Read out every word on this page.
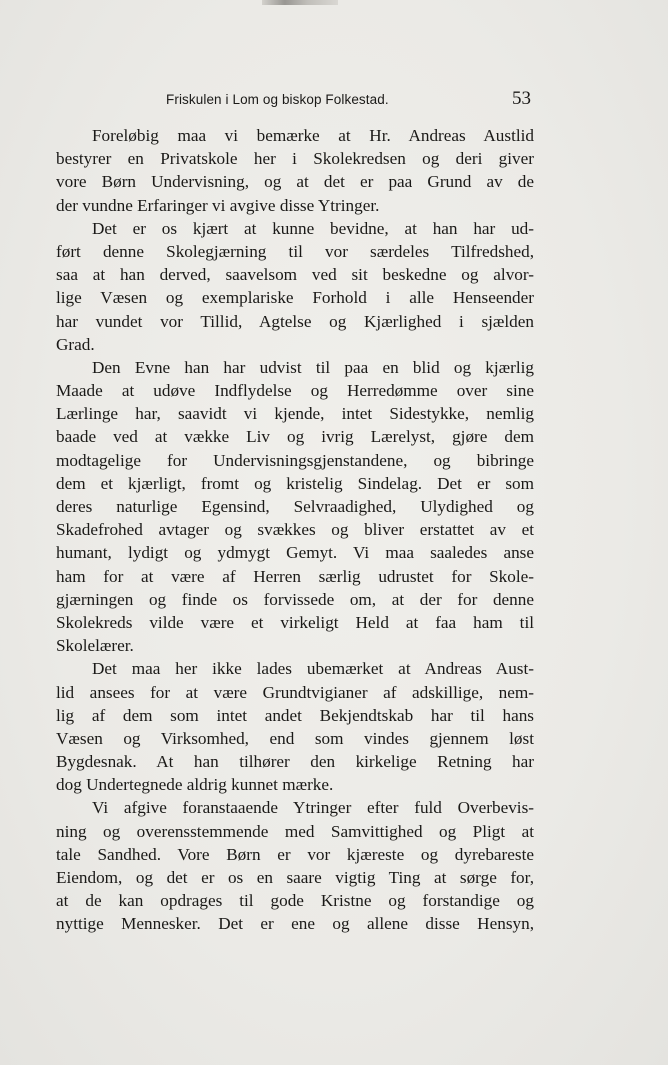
Friskulen i Lom og biskop Folkestad.	53
Foreløbig maa vi bemærke at Hr. Andreas Austlid
bestyrer en Privatskole her i Skolekredsen og deri giver
vore Børn Undervisning, og at det er paa Grund av de
der vundne Erfaringer vi avgive disse Ytringer.
Det er os kjært at kunne bevidne, at han har ud-
ført denne Skolegjærning til vor særdeles Tilfredshed,
saa at han derved, saavelsom ved sit beskedne og alvor-
lige Væsen og exemplariske Forhold i alle Henseender
har vundet vor Tillid, Agtelse og Kjærlighed i sjælden
Grad.
Den Evne han har udvist til paa en blid og kjærlig
Maade at udøve Indflydelse og Herredømme over sine
Lærlinge har, saavidt vi kjende, intet Sidestykke, nemlig
baade ved at vække Liv og ivrig Lærelyst, gjøre dem
modtagelige for Undervisningsgjenstandene, og bibringe
dem et kjærligt, fromt og kristelig Sindelag. Det er som
deres naturlige Egensind, Selvraadighed, Ulydighed og
Skadefrohed avtager og svækkes og bliver erstattet av et
humant, lydigt og ydmygt Gemyt. Vi maa saaledes anse
ham for at være af Herren særlig udrustet for Skole-
gjærningen og finde os forvissede om, at der for denne
Skolekreds vilde være et virkeligt Held at faa ham til
Skolelærer.
Det maa her ikke lades ubemærket at Andreas Aust-
lid ansees for at være Grundtvigianer af adskillige, nem-
lig af dem som intet andet Bekjendtskab har til hans
Væsen og Virksomhed, end som vindes gjennem løst
Bygdesnak. At han tilhører den kirkelige Retning har
dog Undertegnede aldrig kunnet mærke.
Vi afgive foranstaaende Ytringer efter fuld Overbevis-
ning og overensstemmende med Samvittighed og Pligt at
tale Sandhed. Vore Børn er vor kjæreste og dyrebareste
Eiendom, og det er os en saare vigtig Ting at sørge for,
at de kan opdrages til gode Kristne og forstandige og
nyttige Mennesker. Det er ene og allene disse Hensyn,
